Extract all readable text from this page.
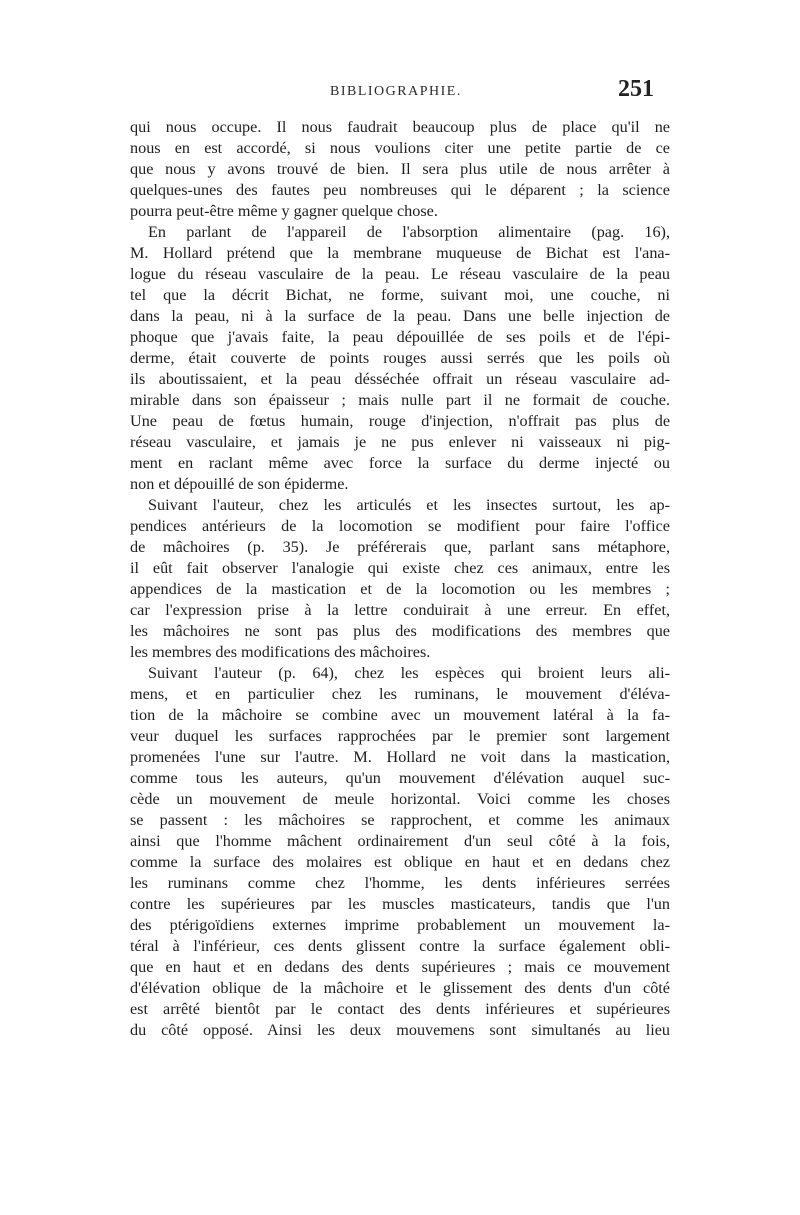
BIBLIOGRAPHIE.	251
qui nous occupe. Il nous faudrait beaucoup plus de place qu'il ne
nous en est accordé, si nous voulions citer une petite partie de ce
que nous y avons trouvé de bien. Il sera plus utile de nous arrêter à
quelques-unes des fautes peu nombreuses qui le déparent ; la science
pourra peut-être même y gagner quelque chose.
En parlant de l'appareil de l'absorption alimentaire (pag. 16),
M. Hollard prétend que la membrane muqueuse de Bichat est l'ana-
logue du réseau vasculaire de la peau. Le réseau vasculaire de la peau
tel que la décrit Bichat, ne forme, suivant moi, une couche, ni
dans la peau, ni à la surface de la peau. Dans une belle injection de
phoque que j'avais faite, la peau dépouillée de ses poils et de l'épi-
derme, était couverte de points rouges aussi serrés que les poils où
ils aboutissaient, et la peau désséchée offrait un réseau vasculaire ad-
mirable dans son épaisseur ; mais nulle part il ne formait de couche.
Une peau de fœtus humain, rouge d'injection, n'offrait pas plus de
réseau vasculaire, et jamais je ne pus enlever ni vaisseaux ni pig-
ment en raclant même avec force la surface du derme injecté ou
non et dépouillé de son épiderme.
Suivant l'auteur, chez les articulés et les insectes surtout, les ap-
pendices antérieurs de la locomotion se modifient pour faire l'office
de mâchoires (p. 35). Je préférerais que, parlant sans métaphore,
il eût fait observer l'analogie qui existe chez ces animaux, entre les
appendices de la mastication et de la locomotion ou les membres ;
car l'expression prise à la lettre conduirait à une erreur. En effet,
les mâchoires ne sont pas plus des modifications des membres que
les membres des modifications des mâchoires.
Suivant l'auteur (p. 64), chez les espèces qui broient leurs ali-
mens, et en particulier chez les ruminans, le mouvement d'éléva-
tion de la mâchoire se combine avec un mouvement latéral à la fa-
veur duquel les surfaces rapprochées par le premier sont largement
promenées l'une sur l'autre. M. Hollard ne voit dans la mastication,
comme tous les auteurs, qu'un mouvement d'élévation auquel suc-
cède un mouvement de meule horizontal. Voici comme les choses
se passent : les mâchoires se rapprochent, et comme les animaux
ainsi que l'homme mâchent ordinairement d'un seul côté à la fois,
comme la surface des molaires est oblique en haut et en dedans chez
les ruminans comme chez l'homme, les dents inférieures serrées
contre les supérieures par les muscles masticateurs, tandis que l'un
des ptérigoïdiens externes imprime probablement un mouvement la-
téral à l'inférieur, ces dents glissent contre la surface également obli-
que en haut et en dedans des dents supérieures ; mais ce mouvement
d'élévation oblique de la mâchoire et le glissement des dents d'un côté
est arrêté bientôt par le contact des dents inférieures et supérieures
du côté opposé. Ainsi les deux mouvemens sont simultanés au lieu
